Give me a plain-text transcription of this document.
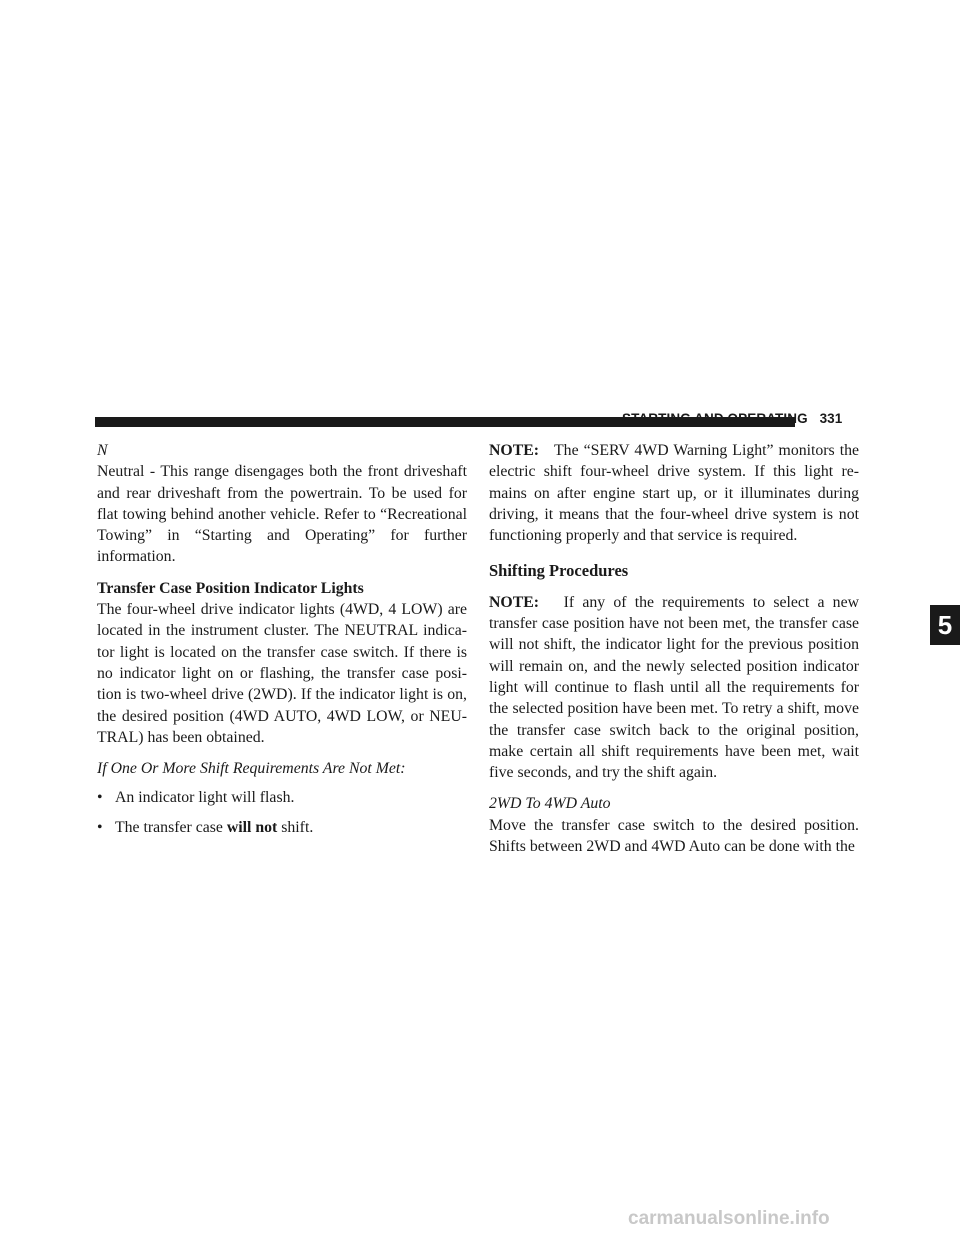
STARTING AND OPERATING 331

N

Neutral - This range disengages both the front driveshaft and rear driveshaft from the powertrain. To be used for flat towing behind another vehicle. Refer to “Recreational Towing” in “Starting and Operating” for further information.

Transfer Case Position Indicator Lights

The four-wheel drive indicator lights (4WD, 4 LOW) are located in the instrument cluster. The NEUTRAL indica-tor light is located on the transfer case switch. If there is no indicator light on or flashing, the transfer case posi-tion is two-wheel drive (2WD). If the indicator light is on, the desired position (4WD AUTO, 4WD LOW, or NEU-TRAL) has been obtained.

If One Or More Shift Requirements Are Not Met:

• An indicator light will flash.
• The transfer case will not shift.

NOTE: The “SERV 4WD Warning Light” monitors the electric shift four-wheel drive system. If this light re-mains on after engine start up, or it illuminates during driving, it means that the four-wheel drive system is not functioning properly and that service is required.

Shifting Procedures

NOTE: If any of the requirements to select a new transfer case position have not been met, the transfer case will not shift, the indicator light for the previous position will remain on, and the newly selected position indicator light will continue to flash until all the requirements for the selected position have been met. To retry a shift, move the transfer case switch back to the original position, make certain all shift requirements have been met, wait five seconds, and try the shift again.

2WD To 4WD Auto

Move the transfer case switch to the desired position. Shifts between 2WD and 4WD Auto can be done with the

5
carmanualsonline.info
